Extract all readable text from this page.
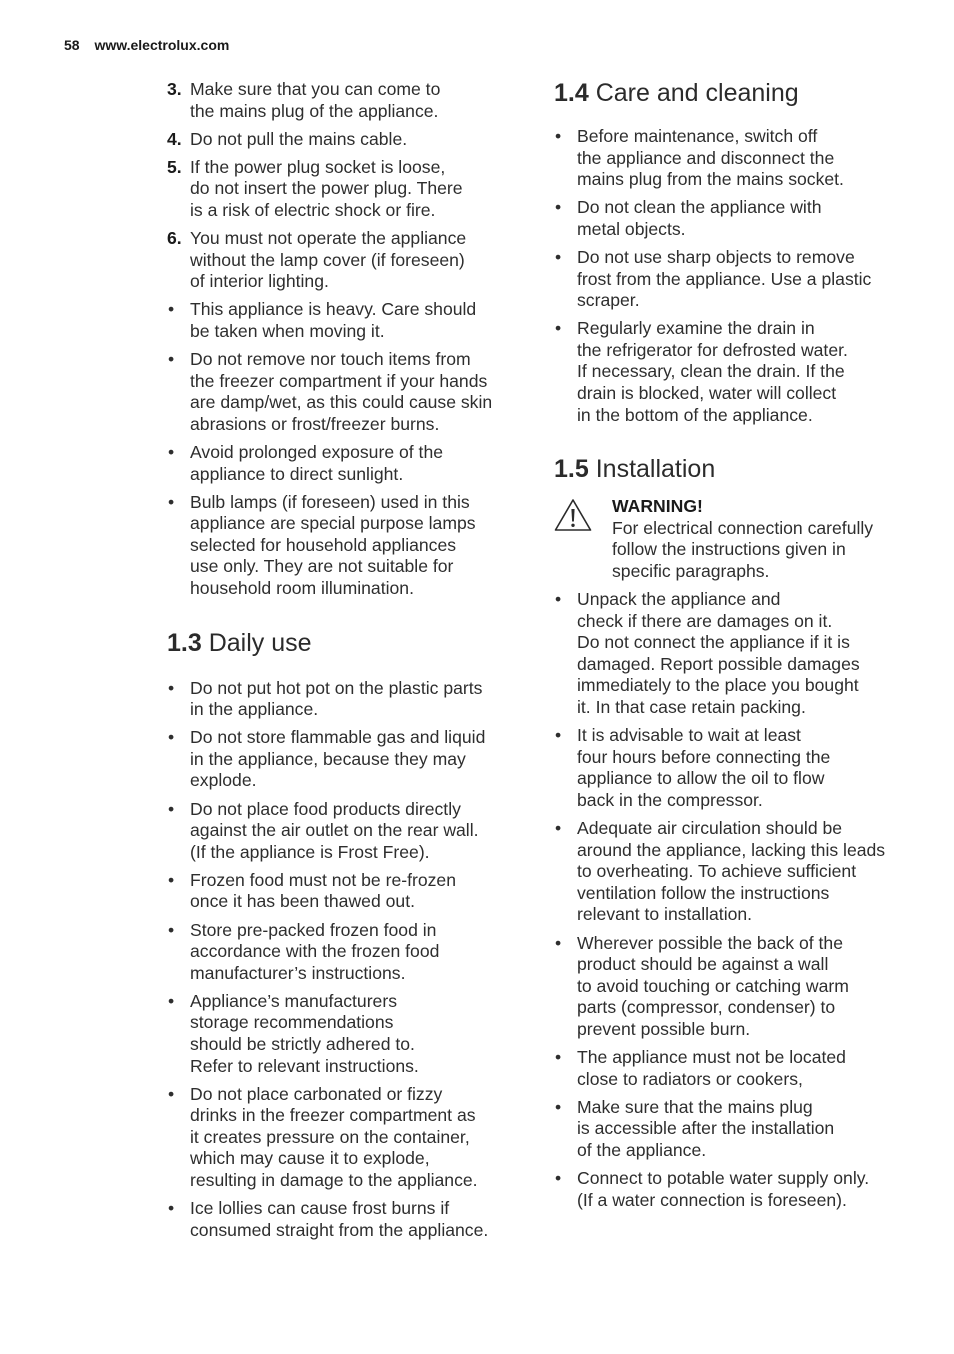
58 www.electrolux.com
3. Make sure that you can come to
the mains plug of the appliance.
4. Do not pull the mains cable.
5. If the power plug socket is loose,
do not insert the power plug. There
is a risk of electric shock or fire.
6. You must not operate the appliance
without the lamp cover (if foreseen)
of interior lighting.
• This appliance is heavy. Care should
be taken when moving it.
• Do not remove nor touch items from
the freezer compartment if your hands
are damp/wet, as this could cause skin
abrasions or frost/freezer burns.
• Avoid prolonged exposure of the
appliance to direct sunlight.
• Bulb lamps (if foreseen) used in this
appliance are special purpose lamps
selected for household appliances
use only. They are not suitable for
household room illumination.
1.3 Daily use
• Do not put hot pot on the plastic parts
in the appliance.
• Do not store flammable gas and liquid
in the appliance, because they may
explode.
• Do not place food products directly
against the air outlet on the rear wall.
(If the appliance is Frost Free).
• Frozen food must not be re-frozen
once it has been thawed out.
• Store pre-packed frozen food in
accordance with the frozen food
manufacturer’s instructions.
• Appliance’s manufacturers
storage recommendations
should be strictly adhered to.
Refer to relevant instructions.
• Do not place carbonated or fizzy
drinks in the freezer compartment as
it creates pressure on the container,
which may cause it to explode,
resulting in damage to the appliance.
• Ice lollies can cause frost burns if
consumed straight from the appliance.
1.4 Care and cleaning
• Before maintenance, switch off
the appliance and disconnect the
mains plug from the mains socket.
• Do not clean the appliance with
metal objects.
• Do not use sharp objects to remove
frost from the appliance. Use a plastic
scraper.
• Regularly examine the drain in
the refrigerator for defrosted water.
If necessary, clean the drain. If the
drain is blocked, water will collect
in the bottom of the appliance.
1.5 Installation
WARNING!
For electrical connection carefully
follow the instructions given in
specific paragraphs.
• Unpack the appliance and
check if there are damages on it.
Do not connect the appliance if it is
damaged. Report possible damages
immediately to the place you bought
it. In that case retain packing.
• It is advisable to wait at least
four hours before connecting the
appliance to allow the oil to flow
back in the compressor.
• Adequate air circulation should be
around the appliance, lacking this leads
to overheating. To achieve sufficient
ventilation follow the instructions
relevant to installation.
• Wherever possible the back of the
product should be against a wall
to avoid touching or catching warm
parts (compressor, condenser) to
prevent possible burn.
• The appliance must not be located
close to radiators or cookers,
• Make sure that the mains plug
is accessible after the installation
of the appliance.
• Connect to potable water supply only.
(If a water connection is foreseen).
